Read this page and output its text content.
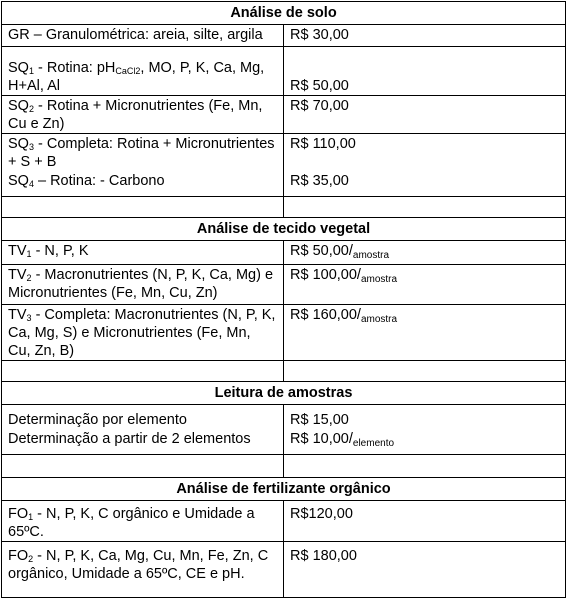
Análise de solo	
GR – Granulométrica: areia, silte, argila	R$ 30,00
$SQ_1$ - Rotina: $pH_{CaCl2}$, MO, P, K, Ca, Mg, H+Al, Al	R$ 50,00
$SQ_2$ - Rotina + Micronutrientes (Fe, Mn, Cu e Zn)	R$ 70,00
$SQ_3$ - Completa: Rotina + Micronutrientes + S + B	R$ 110,00
$SQ_4$ – Rotina: - Carbono	R$ 35,00

Análise de tecido vegetal	
$TV_1$ - N, P, K	R$ $50,00/_{amostra}$
$TV_2$ - Macronutrientes (N, P, K, Ca, Mg) e Micronutrientes (Fe, Mn, Cu, Zn)	R$ $100,00/_{amostra}$
$TV_3$ - Completa: Macronutrientes (N, P, K, Ca, Mg, S) e Micronutrientes (Fe, Mn, Cu, Zn, B)	R$ $160,00/_{amostra}$

Leitura de amostras	
Determinação por elemento	R$ 15,00
Determinação a partir de 2 elementos	R$ $10,00/_{elemento}$

Análise de fertilizante orgânico	
$FO_1$ - N, P, K, C orgânico e Umidade a 65ºC.	R$120,00
$FO_2$ - N, P, K, Ca, Mg, Cu, Mn, Fe, Zn, C orgânico, Umidade a 65ºC, CE e pH.	R$ 180,00
